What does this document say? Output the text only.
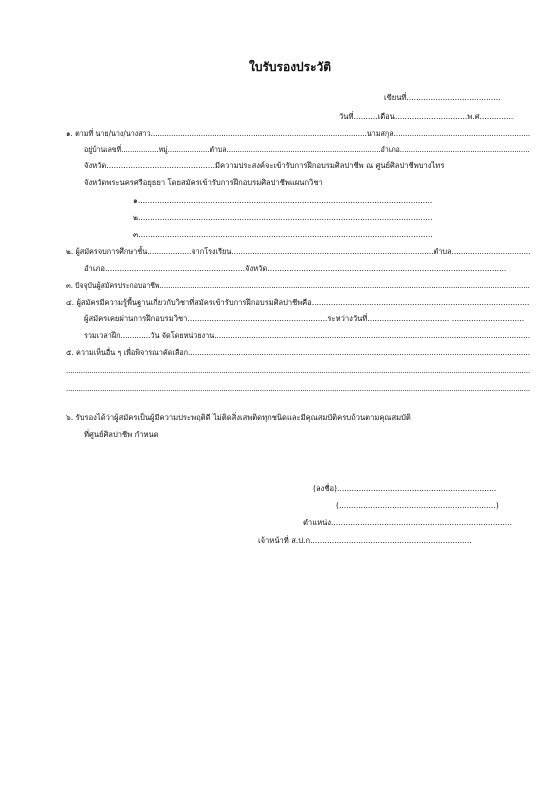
ใบรับรองประวัติ
เขียนที่.......................................
วันที่..........เดือน..............................พ.ศ..............
๑. ตามที่ นาย/นาง/นางสาว...............................................................................................นามสกุล............................................................
อยู่บ้านเลขที่.................หมู่...................ตำบล......................................................................อำเภอ...........................................................
จังหวัด.............................................มีความประสงค์จะเข้ารับการฝึกอบรมศิลปาชีพ ณ ศูนย์ศิลปาชีพบางไทร
จังหวัดพระนครศรีอยุธยา โดยสมัครเข้ารับการฝึกอบรมศิลปาชีพแผนกวิชา
๑..........................................................................................................................
๒..........................................................................................................................
๓..........................................................................................................................
๒. ผู้สมัครจบการศึกษาชั้น...................จากโรงเรียน.......................................................................................ตำบล..................................
อำเภอ..........................................................จังหวัด...................................................................................................
๓. ปัจจุบันผู้สมัครประกอบอาชีพ.........................................................................................................................................................................
๔. ผู้สมัครมีความรู้พื้นฐานเกี่ยวกับวิชาที่สมัครเข้ารับการฝึกอบรมศิลปาชีพคือ...........................................................................................
ผู้สมัครเคยผ่านการฝึกอบรมวิชา..........................................................ระหว่างวันที่.................................. ..............................
รวมเวลาฝึก.............วัน จัดโดยหน่วยงาน.........................................................................................................................................
๕. ความเห็นอื่น ๆ เพื่อพิจารณาคัดเลือก.....................................................................................................................................................
..........................................................................................................................................................................................................................
..........................................................................................................................................................................................................................
๖. รับรองได้ว่าผู้สมัครเป็นผู้มีความประพฤติดี ไม่ติดสิ่งเสพติดทุกชนิดและมีคุณสมบัติครบถ้วนตามคุณสมบัติ
ที่ศูนย์ศิลปาชีพ กำหนด
(ลงชื่อ)..................................................................
(.................................................................)
ตำแหน่ง...........................................................................
เจ้าหน้าที่ ส.ป.ก...................................................................
